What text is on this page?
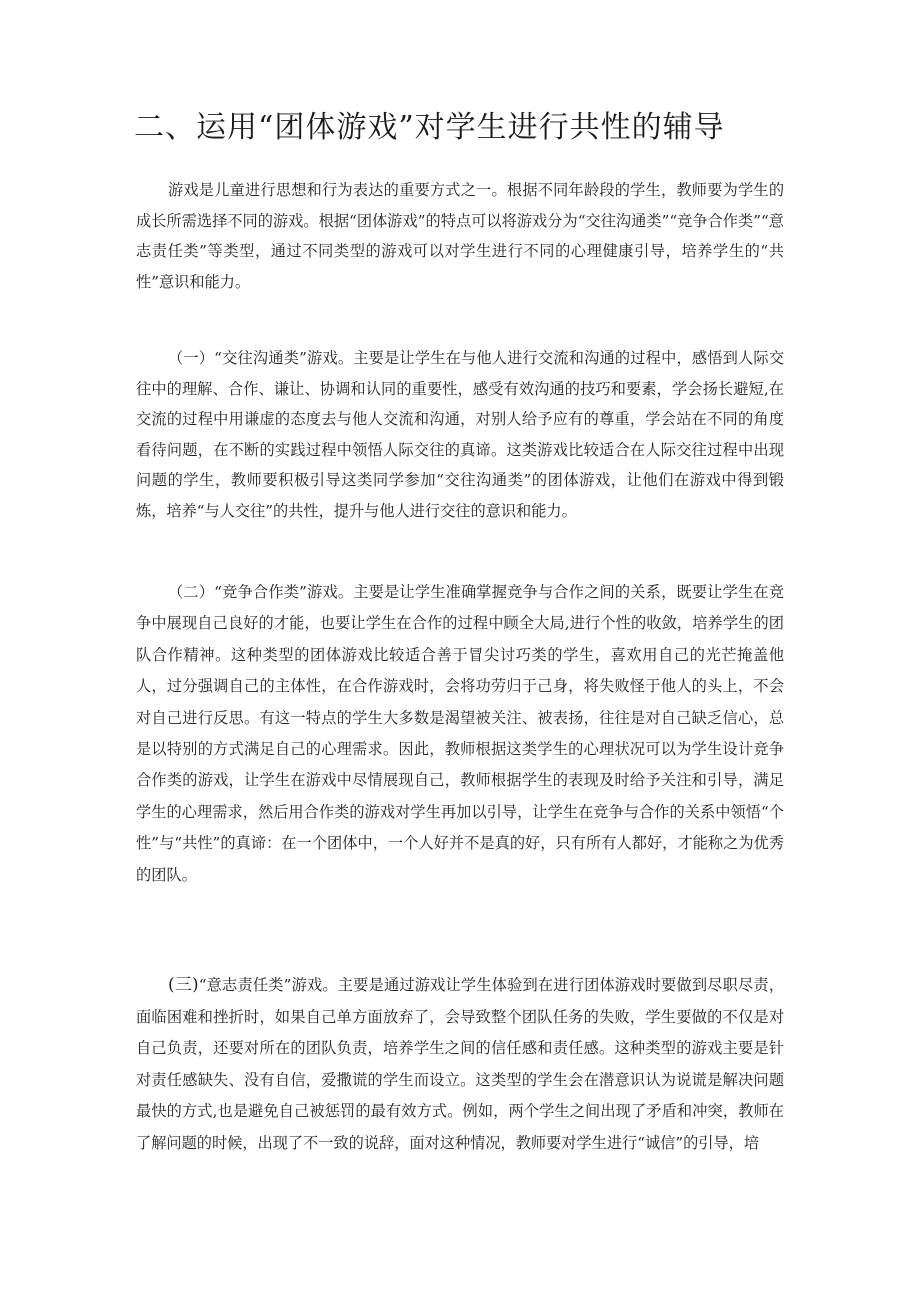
二、运用“团体游戏”对学生进行共性的辅导

游戏是儿童进行思想和行为表达的重要方式之一。根据不同年龄段的学生，教师要为学生的成长所需选择不同的游戏。根据“团体游戏”的特点可以将游戏分为“交往沟通类”“竞争合作类”“意志责任类”等类型，通过不同类型的游戏可以对学生进行不同的心理健康引导，培养学生的“共性”意识和能力。

（一）“交往沟通类”游戏。主要是让学生在与他人进行交流和沟通的过程中，感悟到人际交往中的理解、合作、谦让、协调和认同的重要性，感受有效沟通的技巧和要素，学会扬长避短,在交流的过程中用谦虚的态度去与他人交流和沟通，对别人给予应有的尊重，学会站在不同的角度看待问题，在不断的实践过程中领悟人际交往的真谛。这类游戏比较适合在人际交往过程中出现问题的学生，教师要积极引导这类同学参加“交往沟通类”的团体游戏，让他们在游戏中得到锻炼，培养“与人交往”的共性，提升与他人进行交往的意识和能力。

（二）“竞争合作类”游戏。主要是让学生准确掌握竞争与合作之间的关系，既要让学生在竞争中展现自己良好的才能，也要让学生在合作的过程中顾全大局,进行个性的收敛，培养学生的团队合作精神。这种类型的团体游戏比较适合善于冒尖讨巧类的学生，喜欢用自己的光芒掩盖他人，过分强调自己的主体性，在合作游戏时，会将功劳归于己身，将失败怪于他人的头上，不会对自己进行反思。有这一特点的学生大多数是渴望被关注、被表扬，往往是对自己缺乏信心，总是以特别的方式满足自己的心理需求。因此，教师根据这类学生的心理状况可以为学生设计竞争合作类的游戏，让学生在游戏中尽情展现自己，教师根据学生的表现及时给予关注和引导，满足学生的心理需求，然后用合作类的游戏对学生再加以引导，让学生在竞争与合作的关系中领悟“个性”与“共性”的真谛：在一个团体中，一个人好并不是真的好，只有所有人都好，才能称之为优秀的团队。

(三)“意志责任类”游戏。主要是通过游戏让学生体验到在进行团体游戏时要做到尽职尽责，面临困难和挫折时，如果自己单方面放弃了，会导致整个团队任务的失败，学生要做的不仅是对自己负责，还要对所在的团队负责，培养学生之间的信任感和责任感。这种类型的游戏主要是针对责任感缺失、没有自信，爱撒谎的学生而设立。这类型的学生会在潜意识认为说谎是解决问题最快的方式,也是避免自己被惩罚的最有效方式。例如，两个学生之间出现了矛盾和冲突，教师在了解问题的时候，出现了不一致的说辞，面对这种情况，教师要对学生进行“诚信”的引导，培
